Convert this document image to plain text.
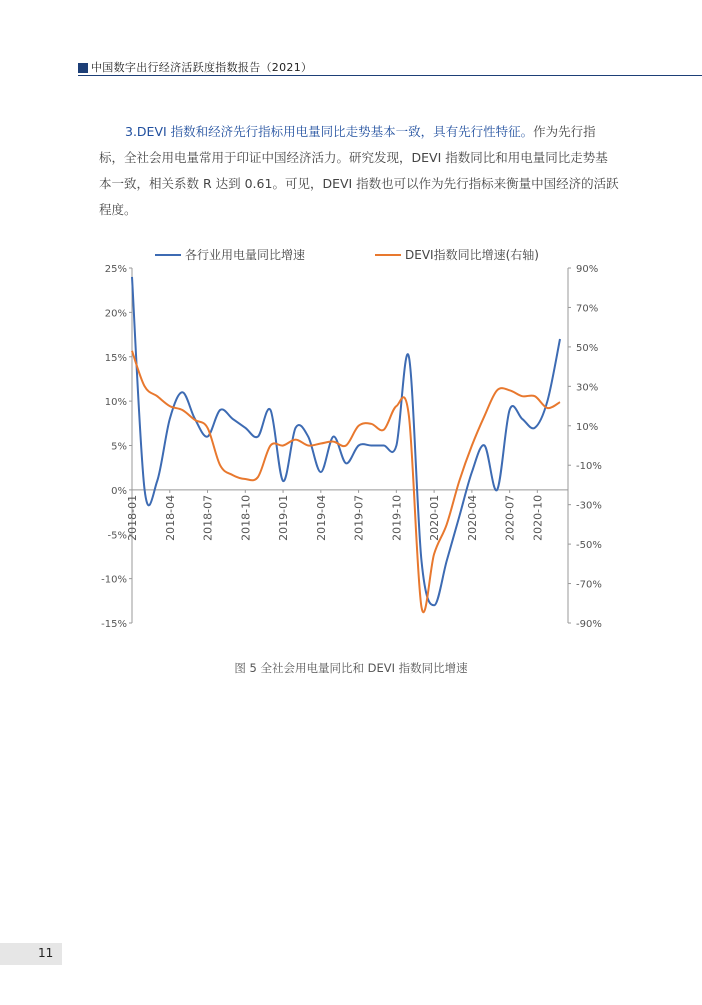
中国数字出行经济活跃度指数报告（2021）
3.DEVI 指数和经济先行指标用电量同比走势基本一致，具有先行性特征。作为先行指标，全社会用电量常用于印证中国经济活力。研究发现，DEVI 指数同比和用电量同比走势基本一致，相关系数 R 达到 0.61。可见，DEVI 指数也可以作为先行指标来衡量中国经济的活跃程度。
25%
20%
15%
10%
5%
0%
-5%
-10%
-15%
90%
70%
50%
30%
10%
-10%
-30%
-50%
-70%
-90%
2018-01 2018-04 2018-07 2018-10 2019-01 2019-04 2019-07 2019-10 2020-01 2020-04 2020-07 2020-10
各行业用电量同比增速	DEVI指数同比增速(右轴)
图 5 全社会用电量同比和 DEVI 指数同比增速
11
